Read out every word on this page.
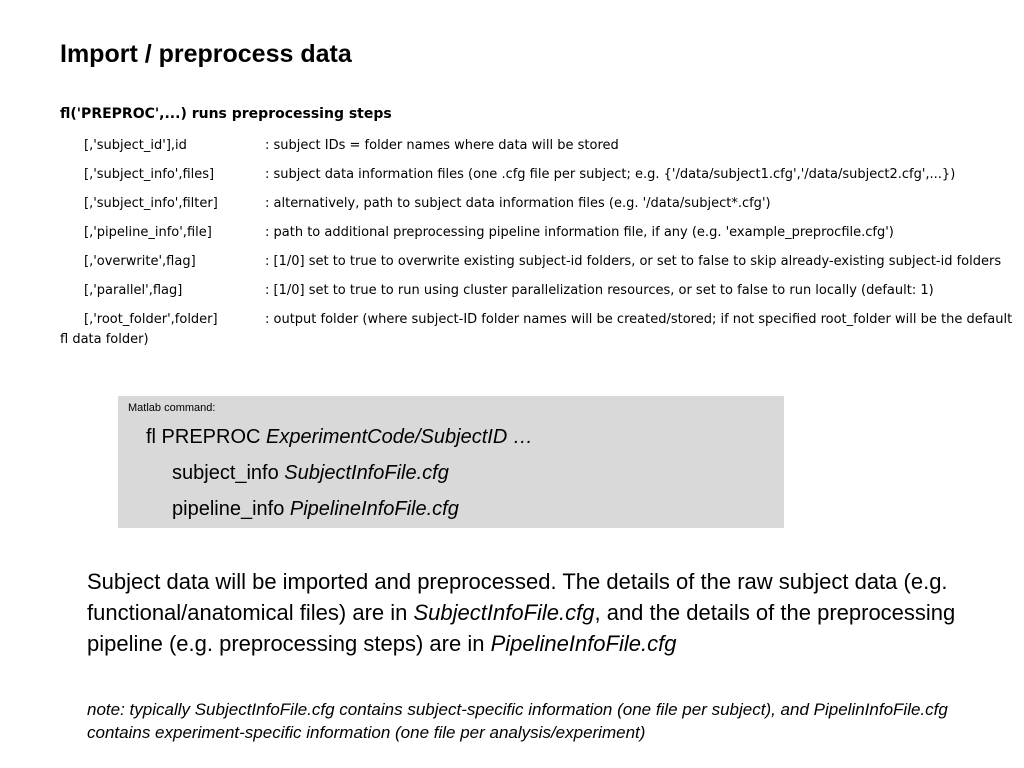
Import / preprocess data
fl('PREPROC',...) runs preprocessing steps
[,'subject_id'],id	: subject IDs = folder names where data will be stored
[,'subject_info',files]	: subject data information files (one .cfg file per subject; e.g. {'/data/subject1.cfg','/data/subject2.cfg',...})
[,'subject_info',filter]	: alternatively, path to subject data information files (e.g. '/data/subject*.cfg')
[,'pipeline_info',file]	: path to additional preprocessing pipeline information file, if any (e.g. 'example_preprocfile.cfg')
[,'overwrite',flag]	: [1/0] set to true to overwrite existing subject-id folders, or set to false to skip already-existing subject-id folders
[,'parallel',flag]	: [1/0] set to true to run using cluster parallelization resources, or set to false to run locally (default: 1)
[,'root_folder',folder]	: output folder (where subject-ID folder names will be created/stored; if not specified root_folder will be the default fl data folder)
Matlab command:
fl PREPROC ExperimentCode/SubjectID …
subject_info SubjectInfoFile.cfg
pipeline_info PipelineInfoFile.cfg

Subject data will be imported and preprocessed. The details of the raw subject data (e.g. functional/anatomical files) are in SubjectInfoFile.cfg, and the details of the preprocessing pipeline (e.g. preprocessing steps) are in PipelineInfoFile.cfg

note: typically SubjectInfoFile.cfg contains subject-specific information (one file per subject), and PipelinInfoFile.cfg contains experiment-specific information (one file per analysis/experiment)
